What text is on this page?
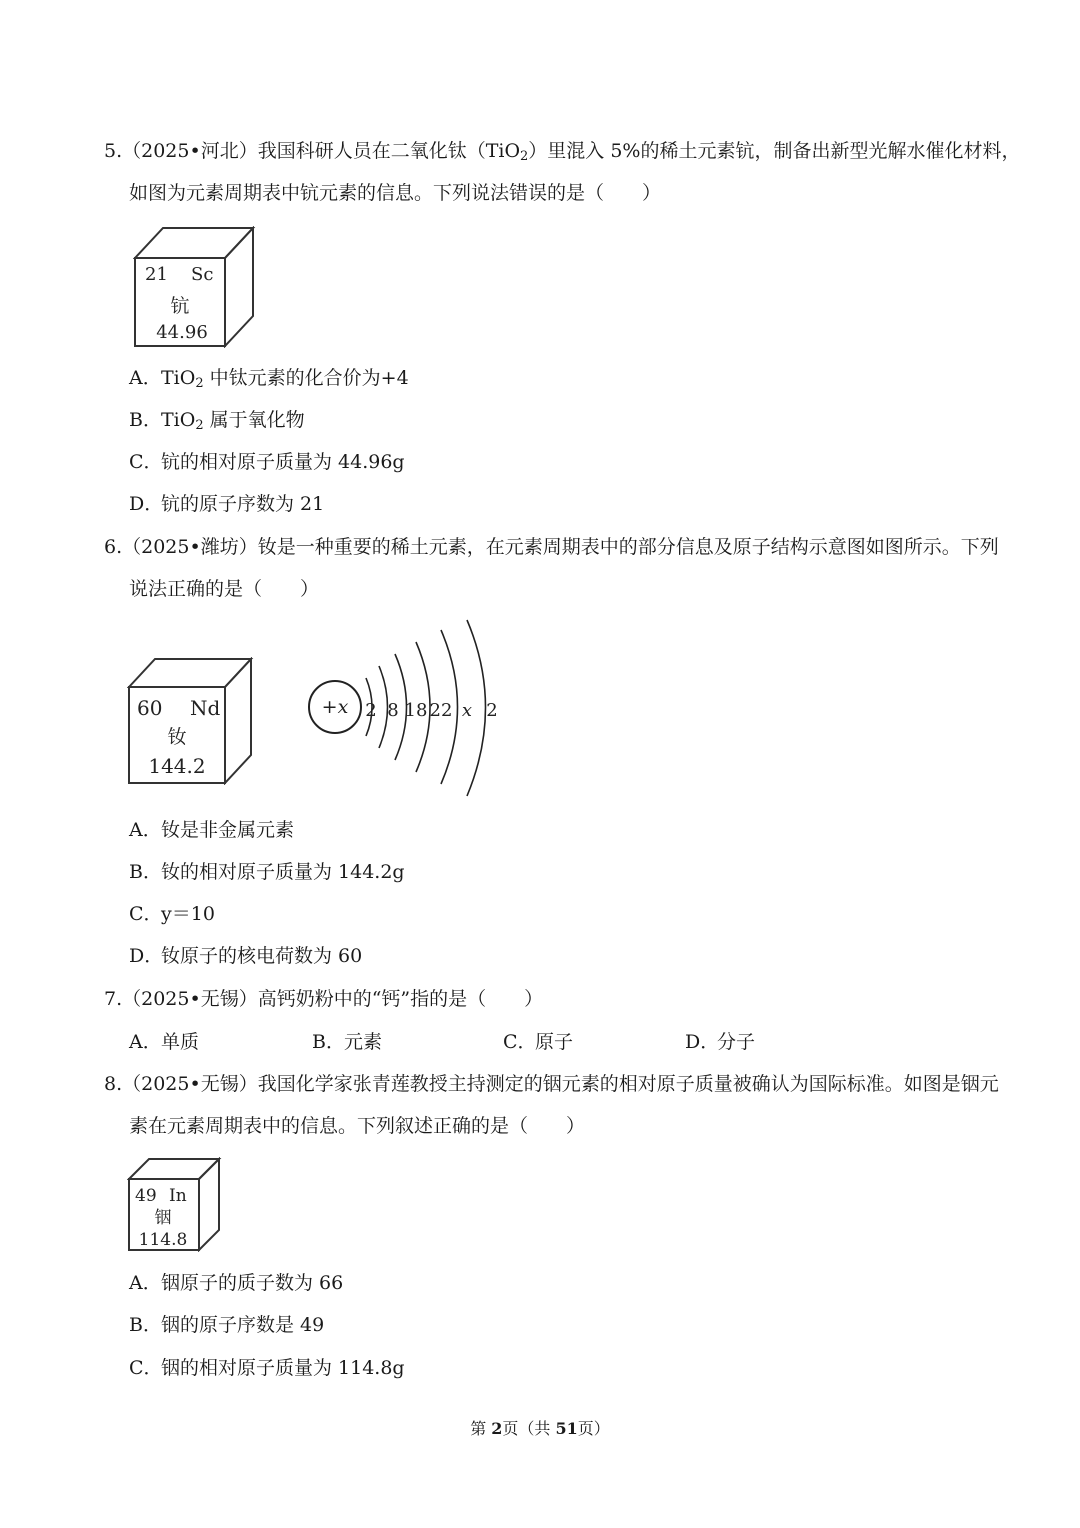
5.（2025•河北）我国科研人员在二氧化钛（TiO$_2$）里混入 5%的稀土元素钪，制备出新型光解水催化材料，
如图为元素周期表中钪元素的信息。下列说法错误的是（　　）
21 Sc
钪
44.96
A．TiO$_2$ 中钛元素的化合价为+4
B．TiO$_2$ 属于氧化物
C．钪的相对原子质量为 44.96g
D．钪的原子序数为 21
6.（2025•潍坊）钕是一种重要的稀土元素，在元素周期表中的部分信息及原子结构示意图如图所示。下列
说法正确的是（　　）
60 Nd
钕
144.2
+x 2 8 18 22 x 2
A．钕是非金属元素
B．钕的相对原子质量为 144.2g
C．y＝10
D．钕原子的核电荷数为 60
7.（2025•无锡）高钙奶粉中的“钙”指的是（　　）
A．单质	B．元素	C．原子	D．分子
8.（2025•无锡）我国化学家张青莲教授主持测定的铟元素的相对原子质量被确认为国际标准。如图是铟元
素在元素周期表中的信息。下列叙述正确的是（　　）
49 In
铟
114.8
A．铟原子的质子数为 66
B．铟的原子序数是 49
C．铟的相对原子质量为 114.8g
第 2页（共 51页）
